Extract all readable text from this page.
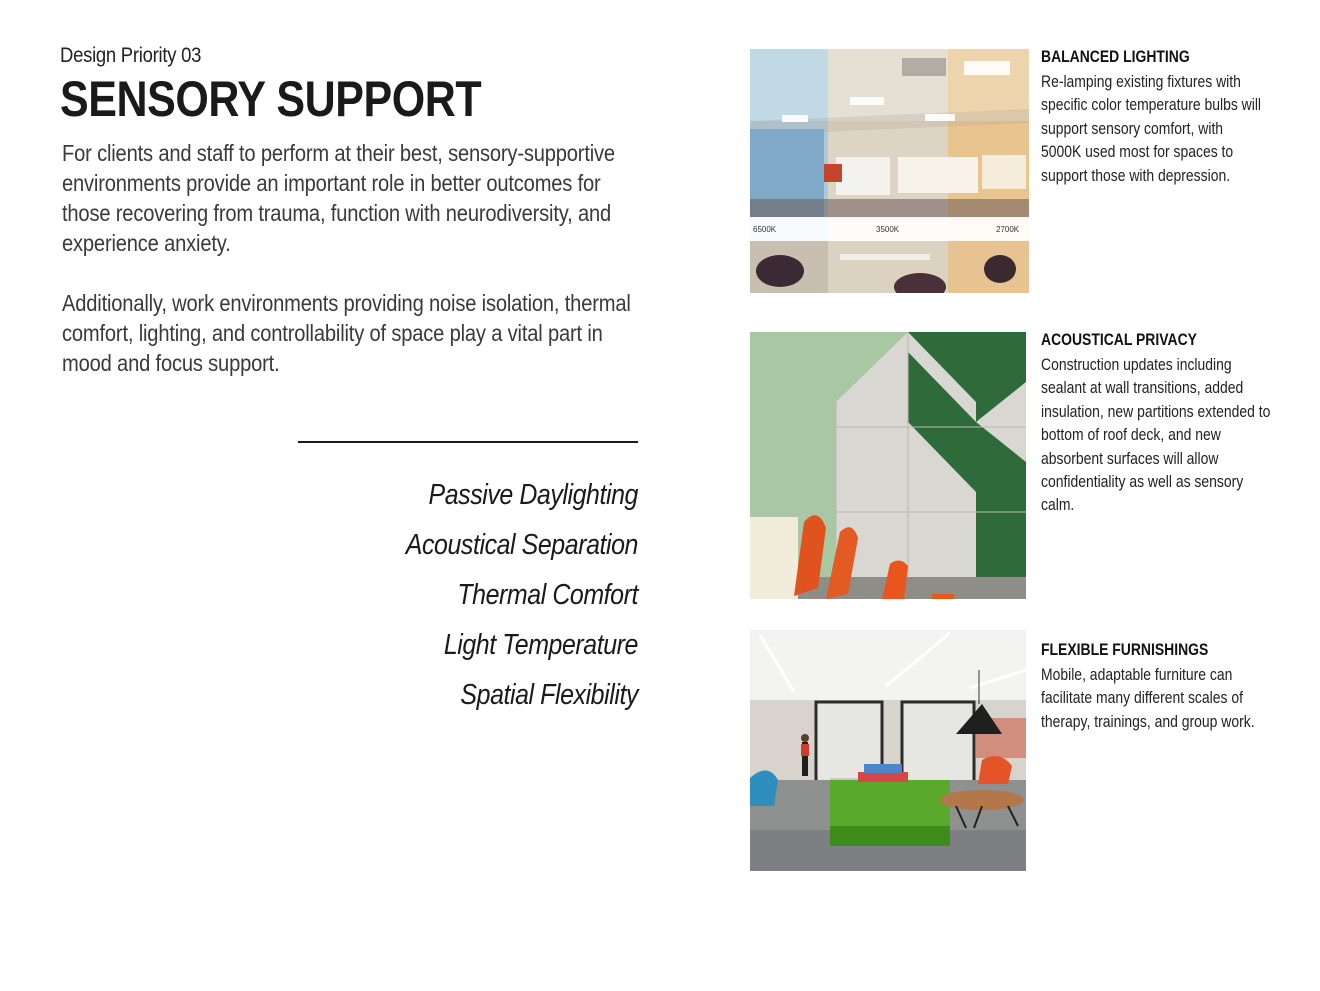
Design Priority 03
SENSORY SUPPORT

For clients and staff to perform at their best, sensory-supportive environments provide an important role in better outcomes for those recovering from trauma, function with neurodiversity, and experience anxiety.

Additionally, work environments providing noise isolation, thermal comfort, lighting, and controllability of space play a vital part in mood and focus support.

Passive Daylighting
Acoustical Separation
Thermal Comfort
Light Temperature
Spatial Flexibility
6500K	3500K	2700K
BALANCED LIGHTING

Re-lamping existing fixtures with specific color temperature bulbs will support sensory comfort, with 5000K used most for spaces to support those with depression.

ACOUSTICAL PRIVACY

Construction updates including sealant at wall transitions, added insulation, new partitions extended to bottom of roof deck, and new absorbent surfaces will allow confidentiality as well as sensory calm.

FLEXIBLE FURNISHINGS

Mobile, adaptable furniture can facilitate many different scales of therapy, trainings, and group work.
